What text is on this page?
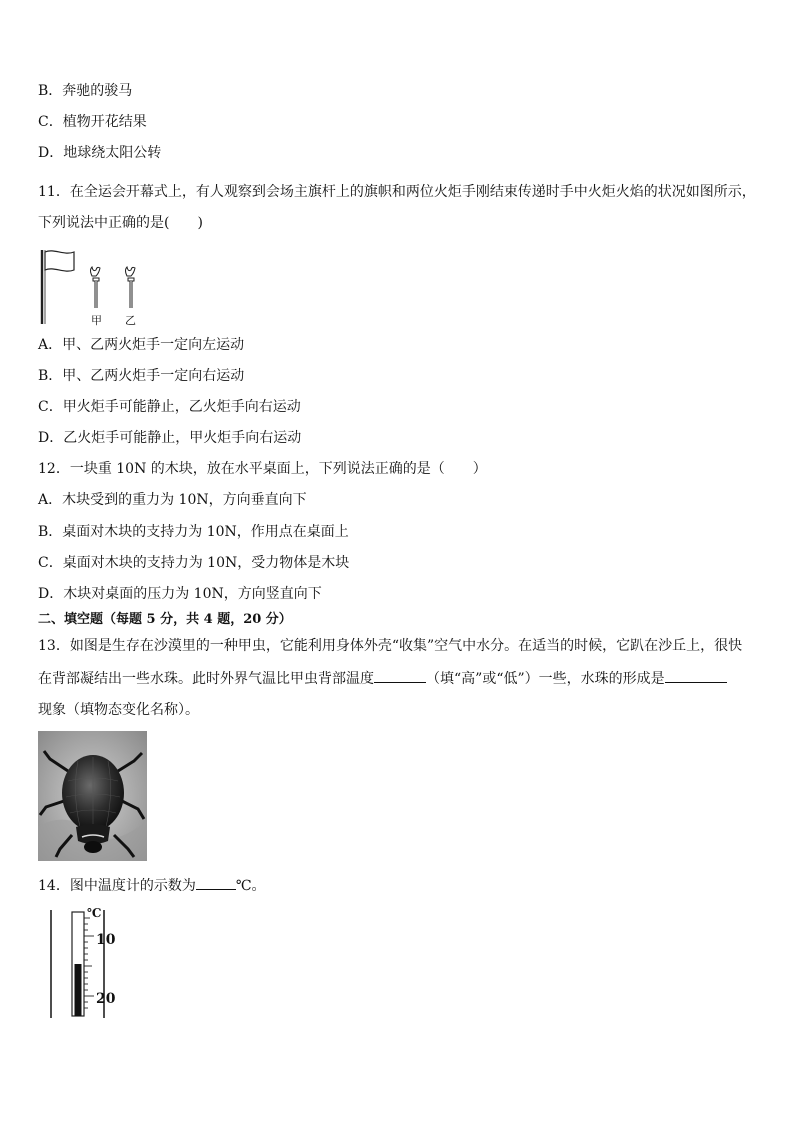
B．奔驰的骏马
C．植物开花结果
D．地球绕太阳公转
11．在全运会开幕式上，有人观察到会场主旗杆上的旗帜和两位火炬手刚结束传递时手中火炬火焰的状况如图所示，
下列说法中正确的是(　　)
甲 乙
A．甲、乙两火炬手一定向左运动
B．甲、乙两火炬手一定向右运动
C．甲火炬手可能静止，乙火炬手向右运动
D．乙火炬手可能静止，甲火炬手向右运动
12．一块重 10N 的木块，放在水平桌面上，下列说法正确的是（　　）
A．木块受到的重力为 10N，方向垂直向下
B．桌面对木块的支持力为 10N，作用点在桌面上
C．桌面对木块的支持力为 10N，受力物体是木块
D．木块对桌面的压力为 10N，方向竖直向下
二、填空题（每题 5 分，共 4 题，20 分）
13．如图是生存在沙漠里的一种甲虫，它能利用身体外壳“收集”空气中水分。在适当的时候，它趴在沙丘上，很快
在背部凝结出一些水珠。此时外界气温比甲虫背部温度	（填“高”或“低”）一些，水珠的形成是
现象（填物态变化名称）。
14．图中温度计的示数为	℃。
℃
10
20
